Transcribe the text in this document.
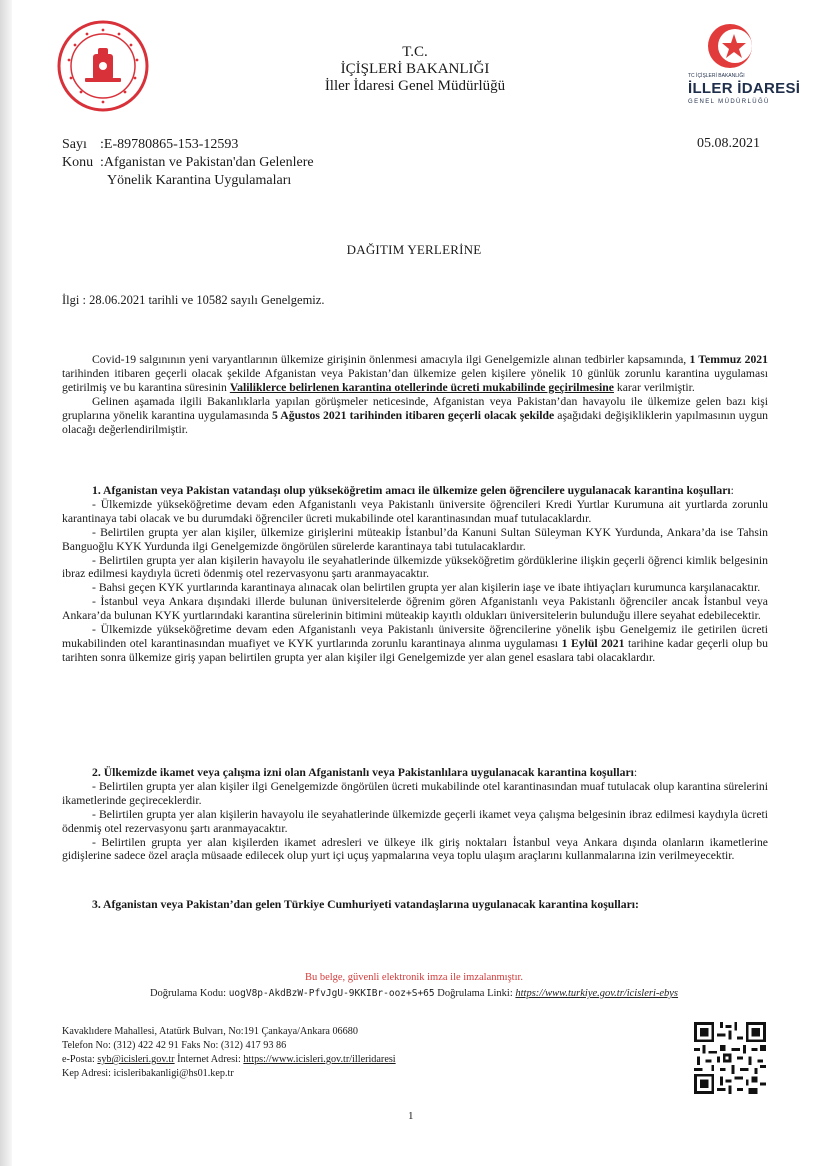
T.C.
İÇİŞLERİ BAKANLIĞI
İller İdaresi Genel Müdürlüğü
TC İÇİŞLERİ BAKANLIĞI
İLLER İDARESİ
GENEL MÜDÜRLÜĞÜ
Sayı :E-89780865-153-12593
Konu :Afganistan ve Pakistan'dan Gelenlere
Yönelik Karantina Uygulamaları
05.08.2021
DAĞITIM YERLERİNE
İlgi : 28.06.2021 tarihli ve 10582 sayılı Genelgemiz.

Covid-19 salgınının yeni varyantlarının ülkemize girişinin önlenmesi amacıyla ilgi Genelgemizle alınan tedbirler kapsamında, 1 Temmuz 2021 tarihinden itibaren geçerli olacak şekilde Afganistan veya Pakistan’dan ülkemize gelen kişilere yönelik 10 günlük zorunlu karantina uygulaması getirilmiş ve bu karantina süresinin Valiliklerce belirlenen karantina otellerinde ücreti mukabilinde geçirilmesine karar verilmiştir.

Gelinen aşamada ilgili Bakanlıklarla yapılan görüşmeler neticesinde, Afganistan veya Pakistan’dan havayolu ile ülkemize gelen bazı kişi gruplarına yönelik karantina uygulamasında 5 Ağustos 2021 tarihinden itibaren geçerli olacak şekilde aşağıdaki değişikliklerin yapılmasının uygun olacağı değerlendirilmiştir.

1. Afganistan veya Pakistan vatandaşı olup yükseköğretim amacı ile ülkemize gelen öğrencilere uygulanacak karantina koşulları:

- Ülkemizde yükseköğretime devam eden Afganistanlı veya Pakistanlı üniversite öğrencileri Kredi Yurtlar Kurumuna ait yurtlarda zorunlu karantinaya tabi olacak ve bu durumdaki öğrenciler ücreti mukabilinde otel karantinasından muaf tutulacaklardır.

- Belirtilen grupta yer alan kişiler, ülkemize girişlerini müteakip İstanbul’da Kanuni Sultan Süleyman KYK Yurdunda, Ankara’da ise Tahsin Banguoğlu KYK Yurdunda ilgi Genelgemizde öngörülen sürelerde karantinaya tabi tutulacaklardır.

- Belirtilen grupta yer alan kişilerin havayolu ile seyahatlerinde ülkemizde yükseköğretim gördüklerine ilişkin geçerli öğrenci kimlik belgesinin ibraz edilmesi kaydıyla ücreti ödenmiş otel rezervasyonu şartı aranmayacaktır.

- Bahsi geçen KYK yurtlarında karantinaya alınacak olan belirtilen grupta yer alan kişilerin iaşe ve ibate ihtiyaçları kurumunca karşılanacaktır.

- İstanbul veya Ankara dışındaki illerde bulunan üniversitelerde öğrenim gören Afganistanlı veya Pakistanlı öğrenciler ancak İstanbul veya Ankara’da bulunan KYK yurtlarındaki karantina sürelerinin bitimini müteakip kayıtlı oldukları üniversitelerin bulunduğu illere seyahat edebilecektir.

- Ülkemizde yükseköğretime devam eden Afganistanlı veya Pakistanlı üniversite öğrencilerine yönelik işbu Genelgemiz ile getirilen ücreti mukabilinden otel karantinasından muafiyet ve KYK yurtlarında zorunlu karantinaya alınma uygulaması 1 Eylül 2021 tarihine kadar geçerli olup bu tarihten sonra ülkemize giriş yapan belirtilen grupta yer alan kişiler ilgi Genelgemizde yer alan genel esaslara tabi olacaklardır.

2. Ülkemizde ikamet veya çalışma izni olan Afganistanlı veya Pakistanlılara uygulanacak karantina koşulları:

- Belirtilen grupta yer alan kişiler ilgi Genelgemizde öngörülen ücreti mukabilinde otel karantinasından muaf tutulacak olup karantina sürelerini ikametlerinde geçireceklerdir.

- Belirtilen grupta yer alan kişilerin havayolu ile seyahatlerinde ülkemizde geçerli ikamet veya çalışma belgesinin ibraz edilmesi kaydıyla ücreti ödenmiş otel rezervasyonu şartı aranmayacaktır.

- Belirtilen grupta yer alan kişilerden ikamet adresleri ve ülkeye ilk giriş noktaları İstanbul veya Ankara dışında olanların ikametlerine gidişlerine sadece özel araçla müsaade edilecek olup yurt içi uçuş yapmalarına veya toplu ulaşım araçlarını kullanmalarına izin verilmeyecektir.

3. Afganistan veya Pakistan’dan gelen Türkiye Cumhuriyeti vatandaşlarına uygulanacak karantina koşulları:

Bu belge, güvenli elektronik imza ile imzalanmıştır.
Doğrulama Kodu: uogV8p-AkdBzW-PfvJgU-9KKIBr-ooz+S+65 Doğrulama Linki: https://www.turkiye.gov.tr/icisleri-ebys
Kavaklıdere Mahallesi, Atatürk Bulvarı, No:191 Çankaya/Ankara 06680
Telefon No: (312) 422 42 91 Faks No: (312) 417 93 86
e-Posta: syb@icisleri.gov.tr İnternet Adresi: https://www.icisleri.gov.tr/illeridaresi
Kep Adresi: icisleribakanligi@hs01.kep.tr
1
